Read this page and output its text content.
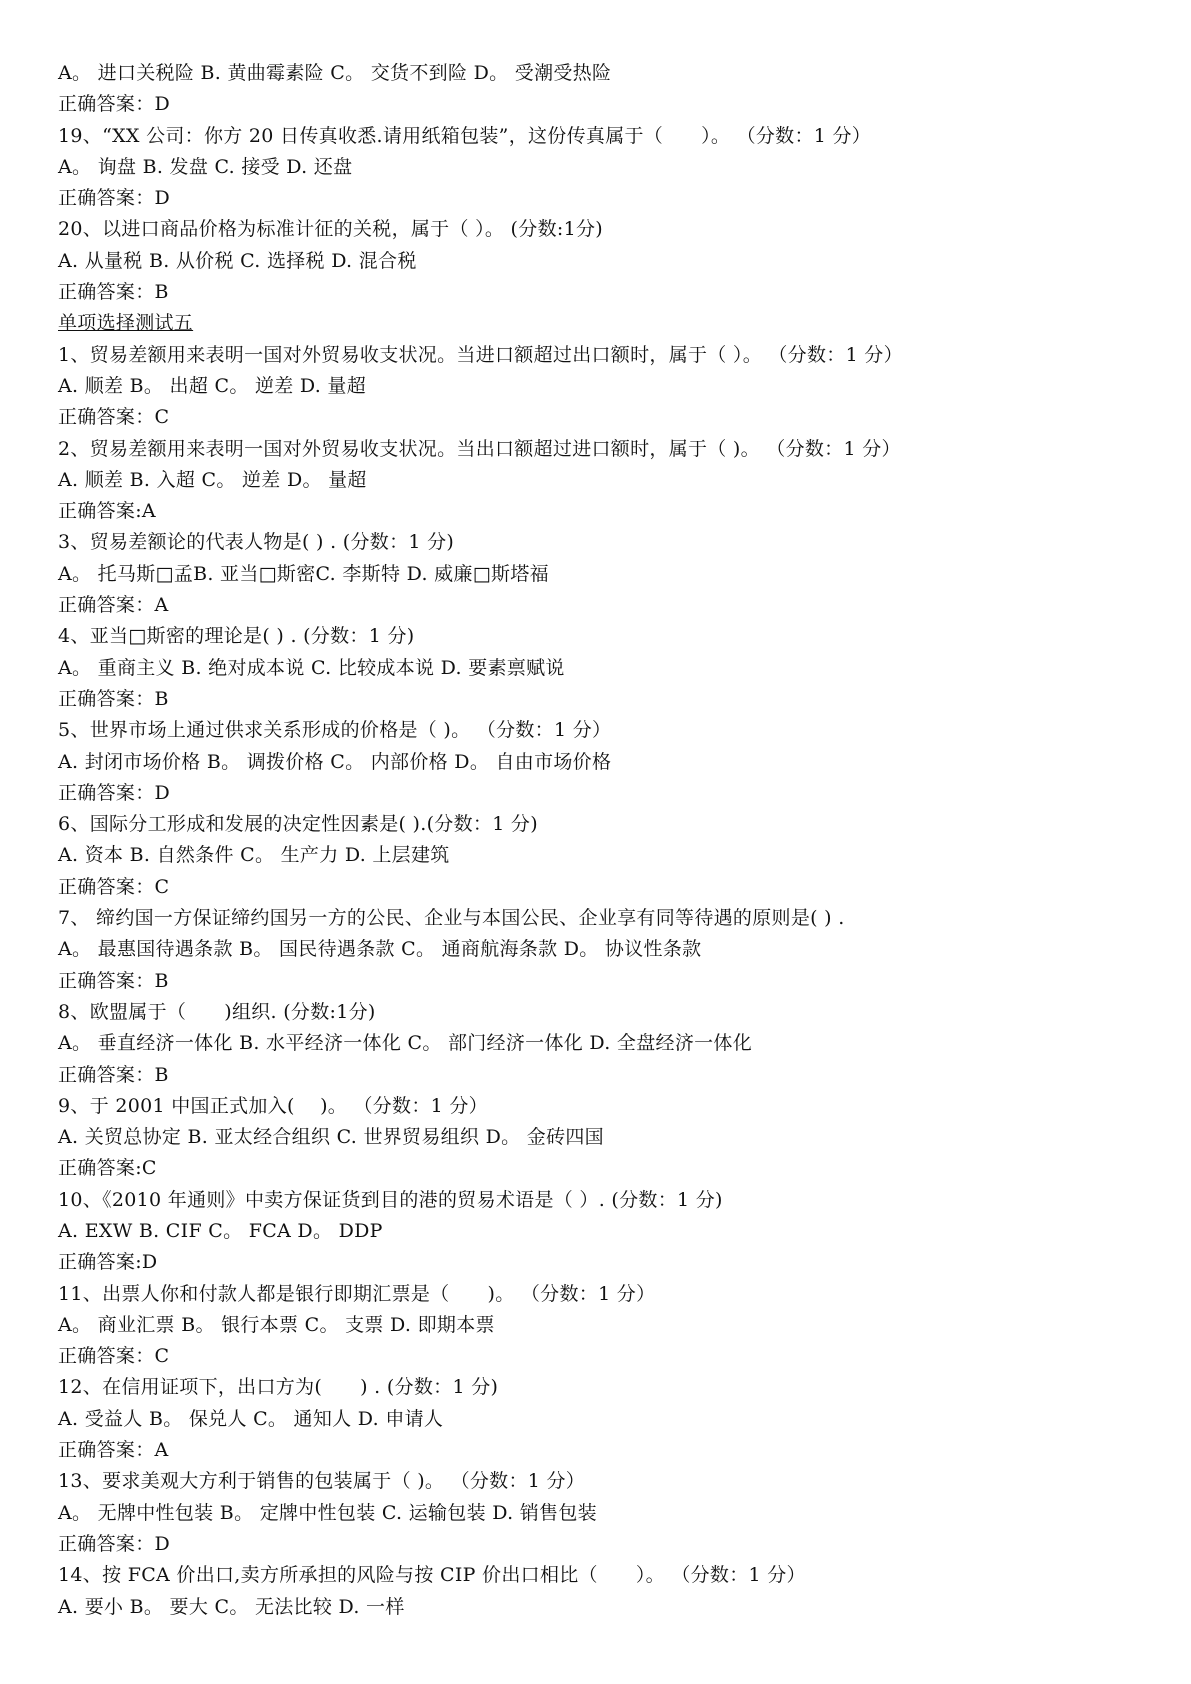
A。 进口关税险 B. 黄曲霉素险 C。 交货不到险 D。 受潮受热险
正确答案：D
19、“XX 公司：你方 20 日传真收悉.请用纸箱包装”，这份传真属于（      ）。 （分数：1 分）
A。 询盘 B. 发盘 C. 接受 D. 还盘
正确答案：D
20、以进口商品价格为标准计征的关税，属于（ ）。 (分数:1分)
A. 从量税 B. 从价税 C. 选择税 D. 混合税
正确答案：B
单项选择测试五
1、贸易差额用来表明一国对外贸易收支状况。当进口额超过出口额时，属于（ ）。 （分数：1 分）
A. 顺差 B。 出超 C。 逆差 D. 量超
正确答案：C
2、贸易差额用来表明一国对外贸易收支状况。当出口额超过进口额时，属于（ )。 （分数：1 分）
A. 顺差 B. 入超 C。 逆差 D。 量超
正确答案:A
3、贸易差额论的代表人物是( ) . (分数：1 分)
A。 托马斯□孟B. 亚当□斯密C. 李斯特 D. 威廉□斯塔福
正确答案：A
4、亚当□斯密的理论是( ) . (分数：1 分)
A。 重商主义 B. 绝对成本说 C. 比较成本说 D. 要素禀赋说
正确答案：B
5、世界市场上通过供求关系形成的价格是（ )。 （分数：1 分）
A. 封闭市场价格 B。 调拨价格 C。 内部价格 D。 自由市场价格
正确答案：D
6、国际分工形成和发展的决定性因素是( ).(分数：1 分)
A. 资本 B. 自然条件 C。 生产力 D. 上层建筑
正确答案：C
7、 缔约国一方保证缔约国另一方的公民、企业与本国公民、企业享有同等待遇的原则是( ) .
A。 最惠国待遇条款 B。 国民待遇条款 C。 通商航海条款 D。 协议性条款
正确答案：B
8、欧盟属于（      )组织. (分数:1分)
A。 垂直经济一体化 B. 水平经济一体化 C。 部门经济一体化 D. 全盘经济一体化
正确答案：B
9、于 2001 中国正式加入(    )。 （分数：1 分）
A. 关贸总协定 B. 亚太经合组织 C. 世界贸易组织 D。 金砖四国
正确答案:C
10、《2010 年通则》中卖方保证货到目的港的贸易术语是（ ）. (分数：1 分)
A. EXW B. CIF C。 FCA D。 DDP
正确答案:D
11、出票人你和付款人都是银行即期汇票是（      )。 （分数：1 分）
A。 商业汇票 B。 银行本票 C。 支票 D. 即期本票
正确答案：C
12、在信用证项下，出口方为(      ) . (分数：1 分)
A. 受益人 B。 保兑人 C。 通知人 D. 申请人
正确答案：A
13、要求美观大方利于销售的包装属于（ )。 （分数：1 分）
A。 无牌中性包装 B。 定牌中性包装 C. 运输包装 D. 销售包装
正确答案：D
14、按 FCA 价出口,卖方所承担的风险与按 CIP 价出口相比（      ）。 （分数：1 分）
A. 要小 B。 要大 C。 无法比较 D. 一样
